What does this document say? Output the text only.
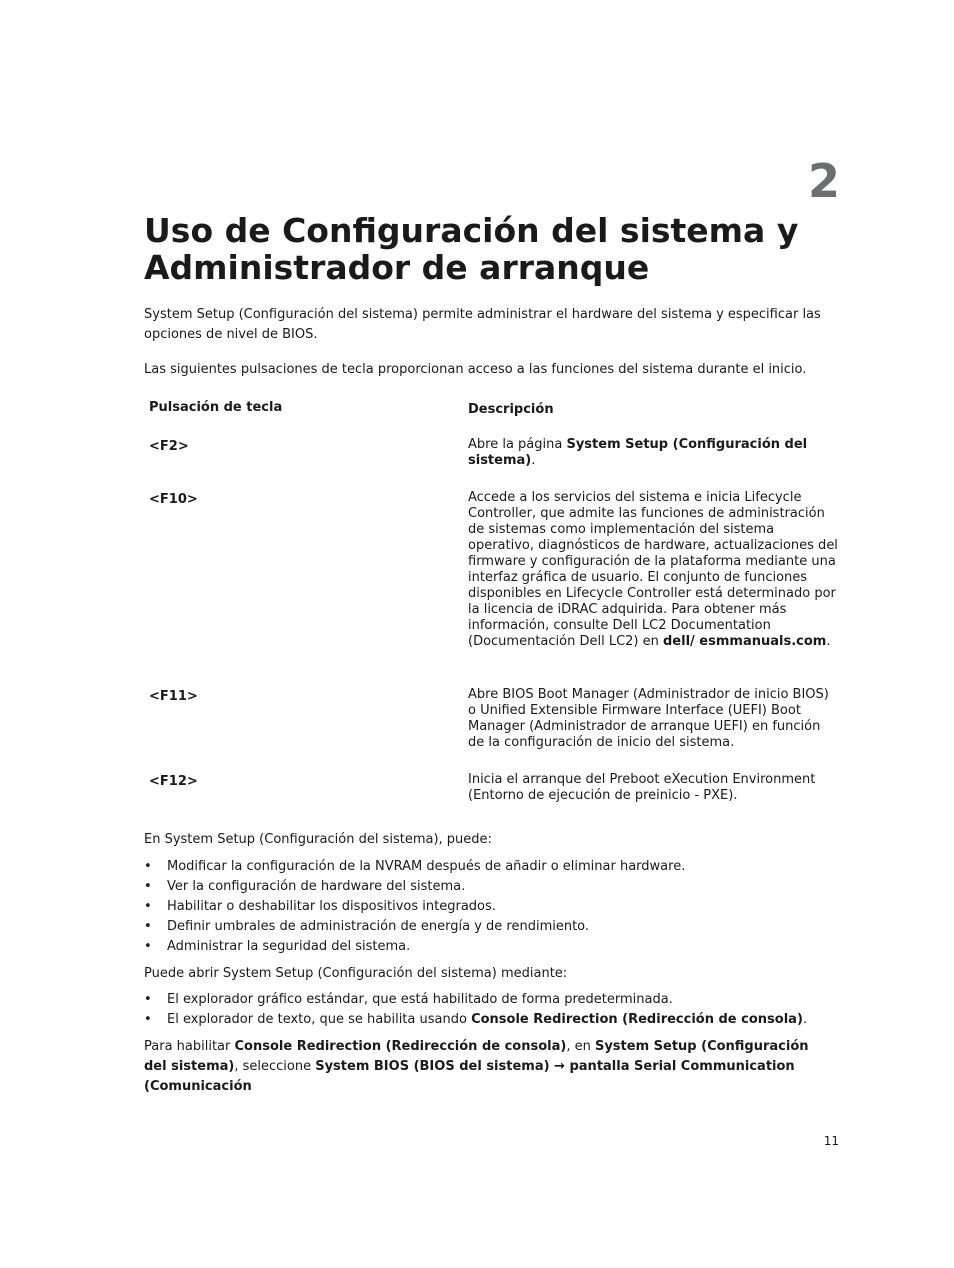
2
Uso de Configuración del sistema y Administrador de arranque

System Setup (Configuración del sistema) permite administrar el hardware del sistema y especificar las opciones de nivel de BIOS.

Las siguientes pulsaciones de tecla proporcionan acceso a las funciones del sistema durante el inicio.

Pulsación de tecla	Descripción
<F2>	Abre la página System Setup (Configuración del sistema).
<F10>	Accede a los servicios del sistema e inicia Lifecycle Controller, que admite las funciones de administración de sistemas como implementación del sistema operativo, diagnósticos de hardware, actualizaciones del firmware y configuración de la plataforma mediante una interfaz gráfica de usuario. El conjunto de funciones disponibles en Lifecycle Controller está determinado por la licencia de iDRAC adquirida. Para obtener más información, consulte Dell LC2 Documentation (Documentación Dell LC2) en dell/ esmmanuals.com.
<F11>	Abre BIOS Boot Manager (Administrador de inicio BIOS) o Unified Extensible Firmware Interface (UEFI) Boot Manager (Administrador de arranque UEFI) en función de la configuración de inicio del sistema.
<F12>	Inicia el arranque del Preboot eXecution Environment (Entorno de ejecución de preinicio - PXE).

En System Setup (Configuración del sistema), puede:

• Modificar la configuración de la NVRAM después de añadir o eliminar hardware.
• Ver la configuración de hardware del sistema.
• Habilitar o deshabilitar los dispositivos integrados.
• Definir umbrales de administración de energía y de rendimiento.
• Administrar la seguridad del sistema.

Puede abrir System Setup (Configuración del sistema) mediante:

• El explorador gráfico estándar, que está habilitado de forma predeterminada.
• El explorador de texto, que se habilita usando Console Redirection (Redirección de consola).

Para habilitar Console Redirection (Redirección de consola), en System Setup (Configuración del sistema), seleccione System BIOS (BIOS del sistema) → pantalla Serial Communication (Comunicación

11
